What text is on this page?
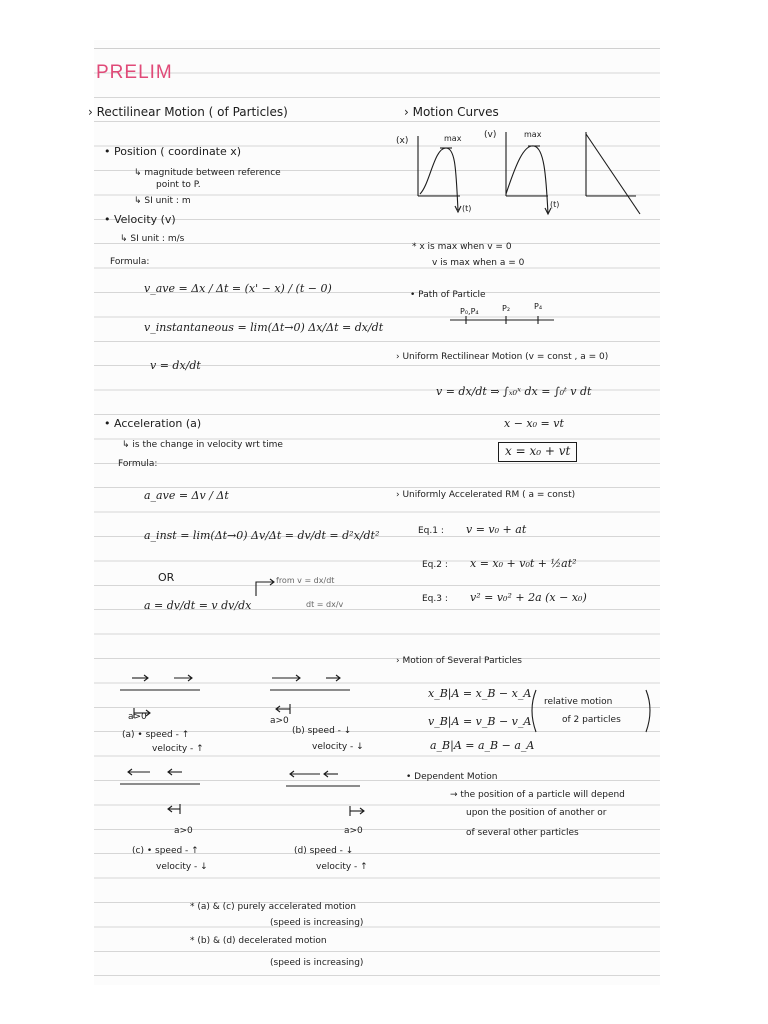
PRELIM
› Rectilinear Motion ( of Particles)
• Position ( coordinate x)
↳ magnitude between reference
point to P.
↳ SI unit : m
• Velocity (v)
↳ SI unit : m/s
Formula:
v_ave = Δx / Δt = (x' − x) / (t − 0)
v_instantaneous = lim(Δt→0) Δx/Δt = dx/dt
v = dx/dt
• Acceleration (a)
↳ is the change in velocity wrt time
Formula:
a_ave = Δv / Δt
a_inst = lim(Δt→0) Δv/Δt = dv/dt = d²x/dt²
OR
a = dv/dt = v dv/dx
from v = dx/dt
dt = dx/v
a>0
(a) • speed - ↑
velocity - ↑
a>0
(b) speed - ↓
velocity - ↓
a>0
(c) • speed - ↑
velocity - ↓
a>0
(d) speed - ↓
velocity - ↑
* (a) & (c) purely accelerated motion
(speed is increasing)
* (b) & (d) decelerated motion
(speed is increasing)
› Motion Curves
(x)
(v)
max	max
(t)	(t)
* x is max when v = 0
v is max when a = 0
• Path of Particle
P₀,P₄	P₂	P₄
› Uniform Rectilinear Motion (v = const , a = 0)
v = dx/dt ⇒ ∫ₓ₀ˣ dx = ∫₀ᵗ v dt
x − x₀ = vt
x = x₀ + vt
› Uniformly Accelerated RM ( a = const)
Eq.1 : v = v₀ + at
Eq.2 : x = x₀ + v₀t + ½at²
Eq.3 : v² = v₀² + 2a (x − x₀)
› Motion of Several Particles
x_B|A = x_B − x_A
v_B|A = v_B − v_A
a_B|A = a_B − a_A
relative motion
of 2 particles
• Dependent Motion
→ the position of a particle will depend
upon the position of another or
of several other particles
